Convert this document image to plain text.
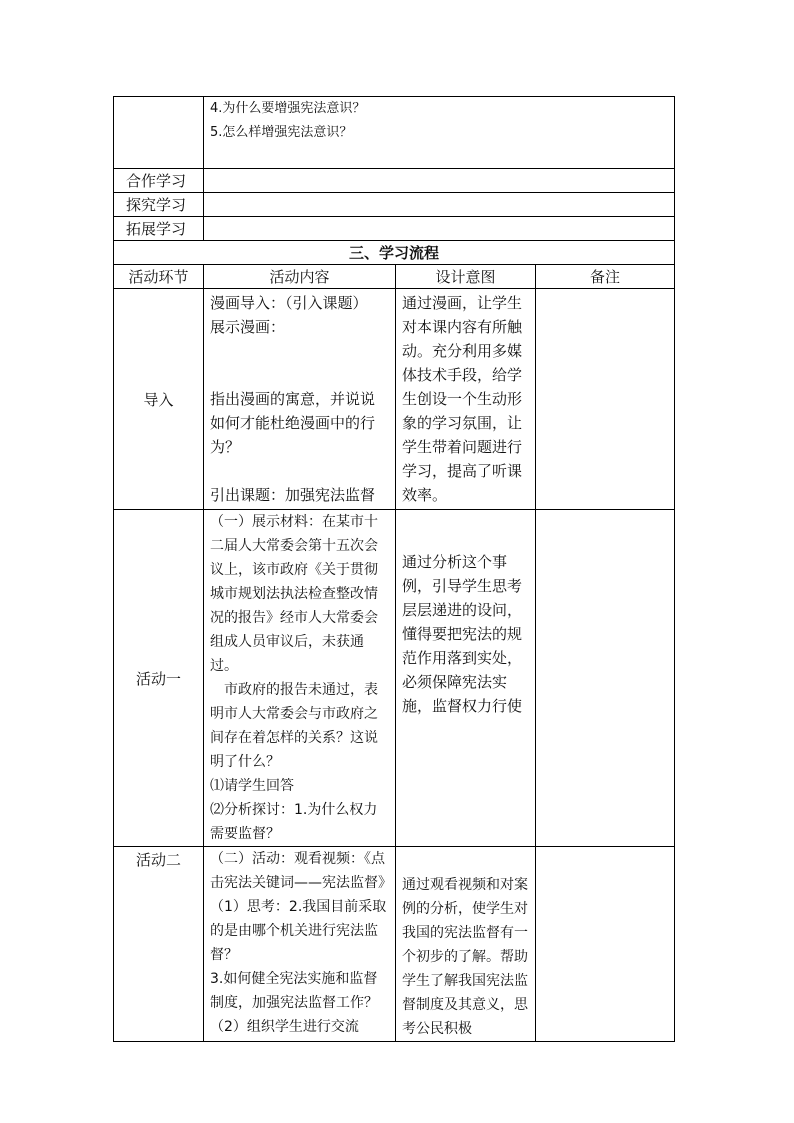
	4.为什么要增强宪法意识？
5.怎么样增强宪法意识？		

合作学习			
探究学习			
拓展学习			
三、学习流程			
活动环节	活动内容	设计意图	备注
导入	漫画导入：（引入课题）
展示漫画：
指出漫画的寓意，并说说如何才能杜绝漫画中的行为？
引出课题：加强宪法监督	通过漫画，让学生对本课内容有所触动。充分利用多媒体技术手段，给学生创设一个生动形象的学习氛围，让学生带着问题进行学习，提高了听课效率。	
活动一	（一）展示材料：在某市十二届人大常委会第十五次会议上，该市政府《关于贯彻城市规划法执法检查整改情况的报告》经市人大常委会组成人员审议后，未获通过。
市政府的报告未通过，表明市人大常委会与市政府之间存在着怎样的关系？这说明了什么？
⑴请学生回答
⑵分析探讨：1.为什么权力需要监督？	通过分析这个事例，引导学生思考层层递进的设问，懂得要把宪法的规范作用落到实处，必须保障宪法实施，监督权力行使	
活动二	（二）活动：观看视频：《点击宪法关键词——宪法监督》
（1）思考：2.我国目前采取的是由哪个机关进行宪法监督？
3.如何健全宪法实施和监督制度，加强宪法监督工作？
（2）组织学生进行交流	通过观看视频和对案例的分析，使学生对我国的宪法监督有一个初步的了解。帮助学生了解我国宪法监督制度及其意义，思考公民积极	
